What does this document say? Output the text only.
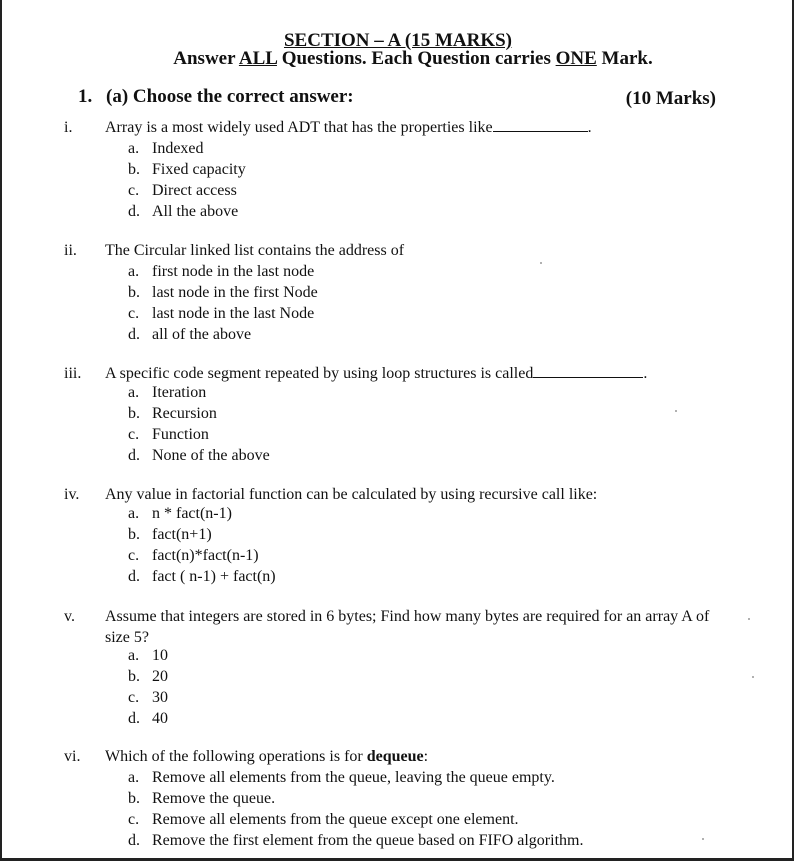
SECTION – A (15 MARKS)
Answer ALL Questions. Each Question carries ONE Mark.
1. (a) Choose the correct answer:	(10 Marks)
i. Array is a most widely used ADT that has the properties like	.
a. Indexed
b. Fixed capacity
c. Direct access
d. All the above
ii. The Circular linked list contains the address of
a. first node in the last node
b. last node in the first Node
c. last node in the last Node
d. all of the above
iii. A specific code segment repeated by using loop structures is called	.
a. Iteration
b. Recursion
c. Function
d. None of the above
iv. Any value in factorial function can be calculated by using recursive call like:
a. n * fact(n-1)
b. fact(n+1)
c. fact(n)*fact(n-1)
d. fact ( n-1) + fact(n)
v. Assume that integers are stored in 6 bytes; Find how many bytes are required for an array A of size 5?
a. 10
b. 20
c. 30
d. 40
vi. Which of the following operations is for dequeue:
a. Remove all elements from the queue, leaving the queue empty.
b. Remove the queue.
c. Remove all elements from the queue except one element.
d. Remove the first element from the queue based on FIFO algorithm.
